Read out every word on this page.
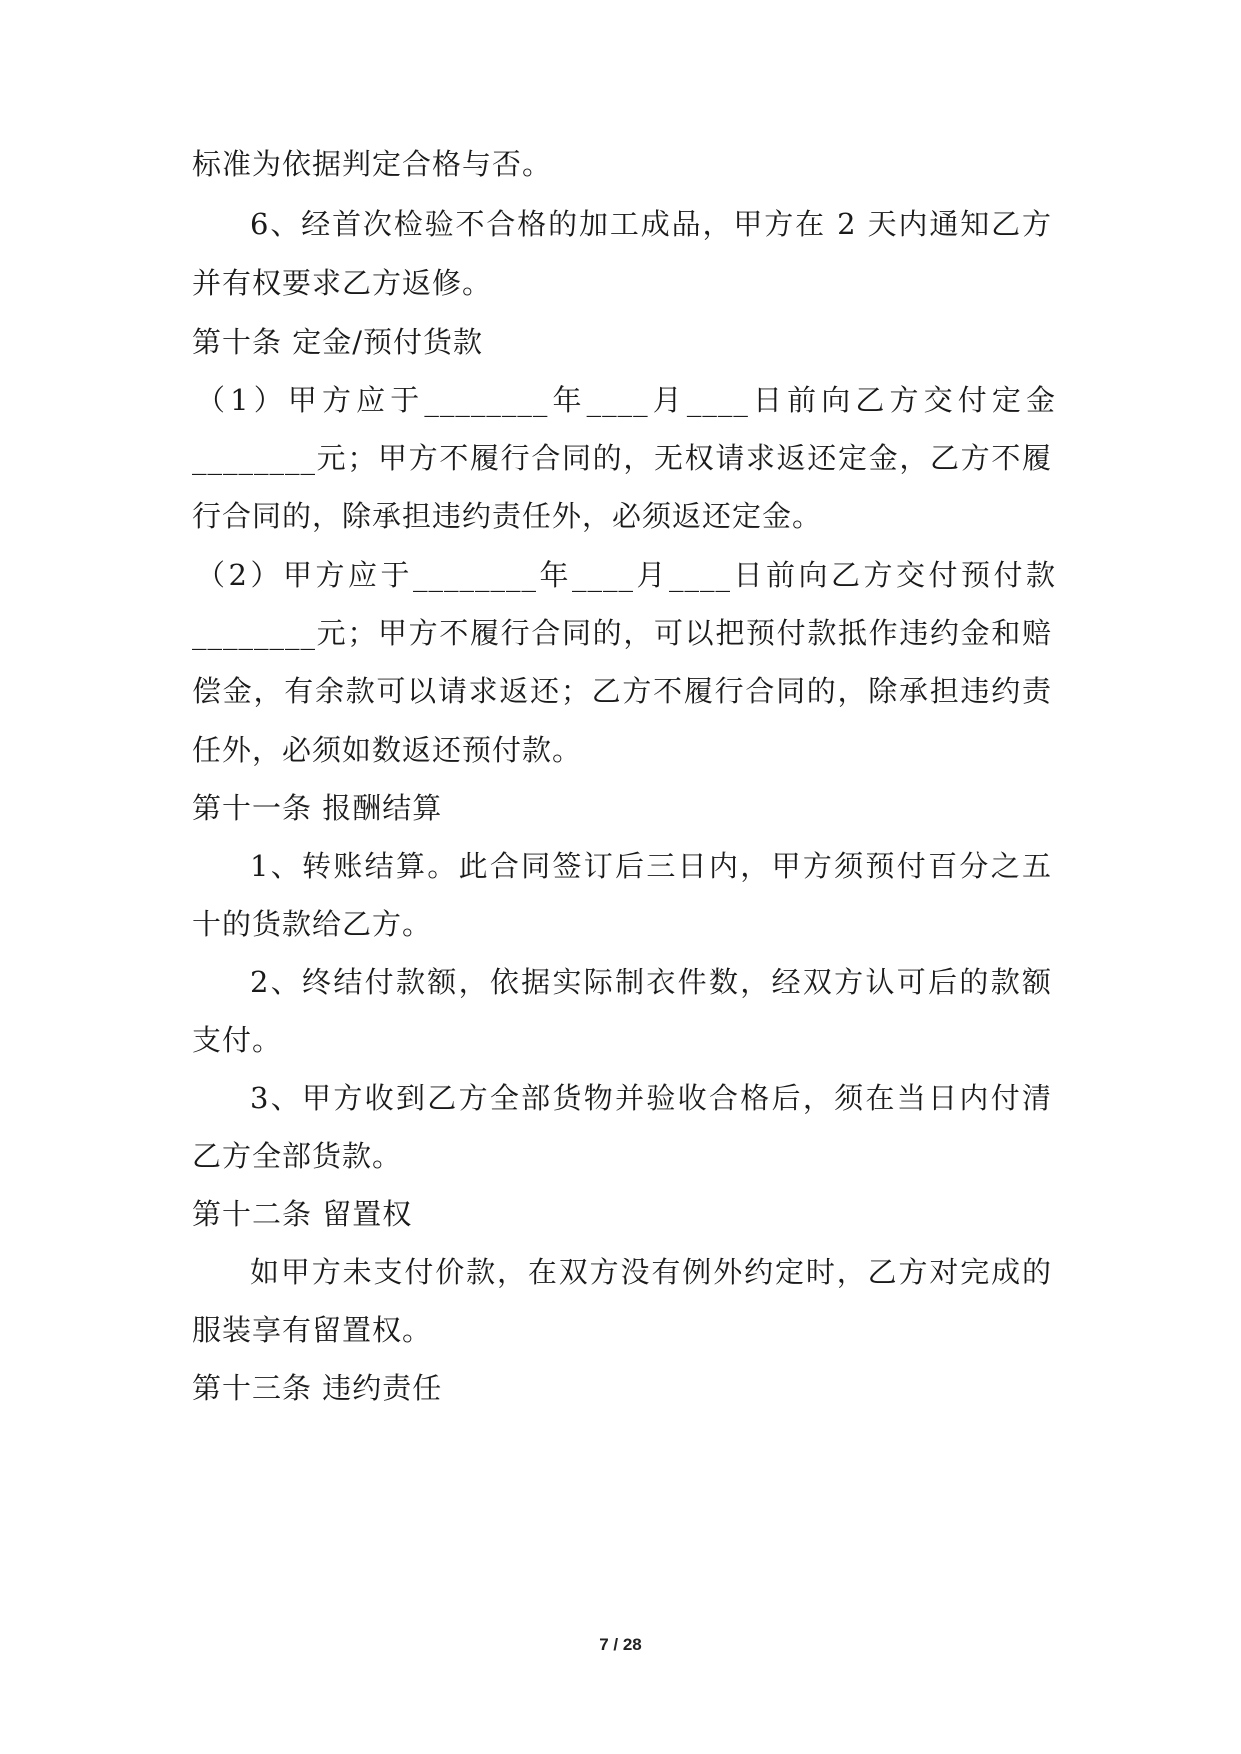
标准为依据判定合格与否。
6、经首次检验不合格的加工成品，甲方在 2 天内通知乙方
并有权要求乙方返修。
第十条 定金/预付货款
（1）甲方应于________年____月____日前向乙方交付定金
________元；甲方不履行合同的，无权请求返还定金，乙方不履
行合同的，除承担违约责任外，必须返还定金。
（2）甲方应于________年____月____日前向乙方交付预付款
________元；甲方不履行合同的，可以把预付款抵作违约金和赔
偿金，有余款可以请求返还；乙方不履行合同的，除承担违约责
任外，必须如数返还预付款。
第十一条 报酬结算
1、转账结算。此合同签订后三日内，甲方须预付百分之五
十的货款给乙方。
2、终结付款额，依据实际制衣件数，经双方认可后的款额
支付。
3、甲方收到乙方全部货物并验收合格后，须在当日内付清
乙方全部货款。
第十二条 留置权
如甲方未支付价款，在双方没有例外约定时，乙方对完成的
服装享有留置权。
第十三条 违约责任
7 / 28
